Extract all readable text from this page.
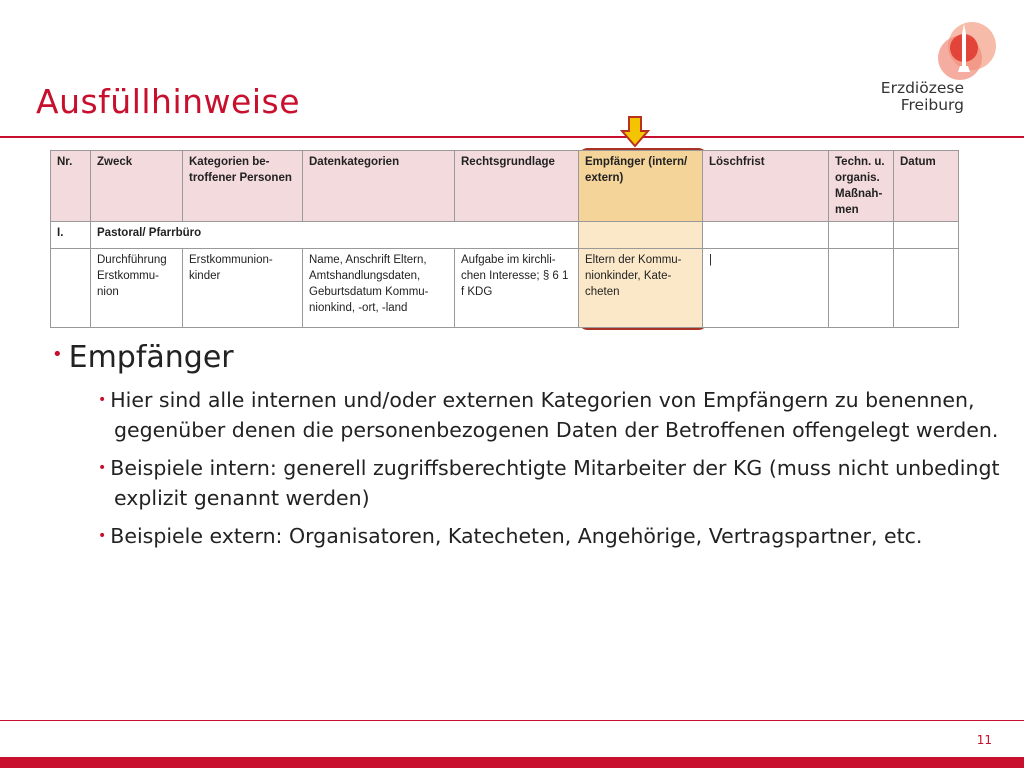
Ausfüllhinweise	Erzdiözese
Freiburg
Nr.	Zweck	Kategorien be-troffener Personen	Datenkategorien	Rechtsgrundlage	Empfänger (intern/ extern)	Löschfrist	Techn. u. organis. Maßnah-men	Datum
I.	Pastoral/ Pfarrbüro							
	Durchführung Erstkommu-nion	Erstkommunion-kinder	Name, Anschrift Eltern, Amtshandlungsdaten, Geburtsdatum Kommu-nionkind, -ort, -land	Aufgabe im kirchli-chen Interesse; § 6 1 f KDG	Eltern der Kommu-nionkinder, Kate-cheten	|		
• Empfänger
• Hier sind alle internen und/oder externen Kategorien von Empfängern zu benennen, gegenüber denen die personenbezogenen Daten der Betroffenen offengelegt werden.
• Beispiele intern: generell zugriffsberechtigte Mitarbeiter der KG (muss nicht unbedingt explizit genannt werden)
• Beispiele extern: Organisatoren, Katecheten, Angehörige, Vertragspartner, etc.
11
